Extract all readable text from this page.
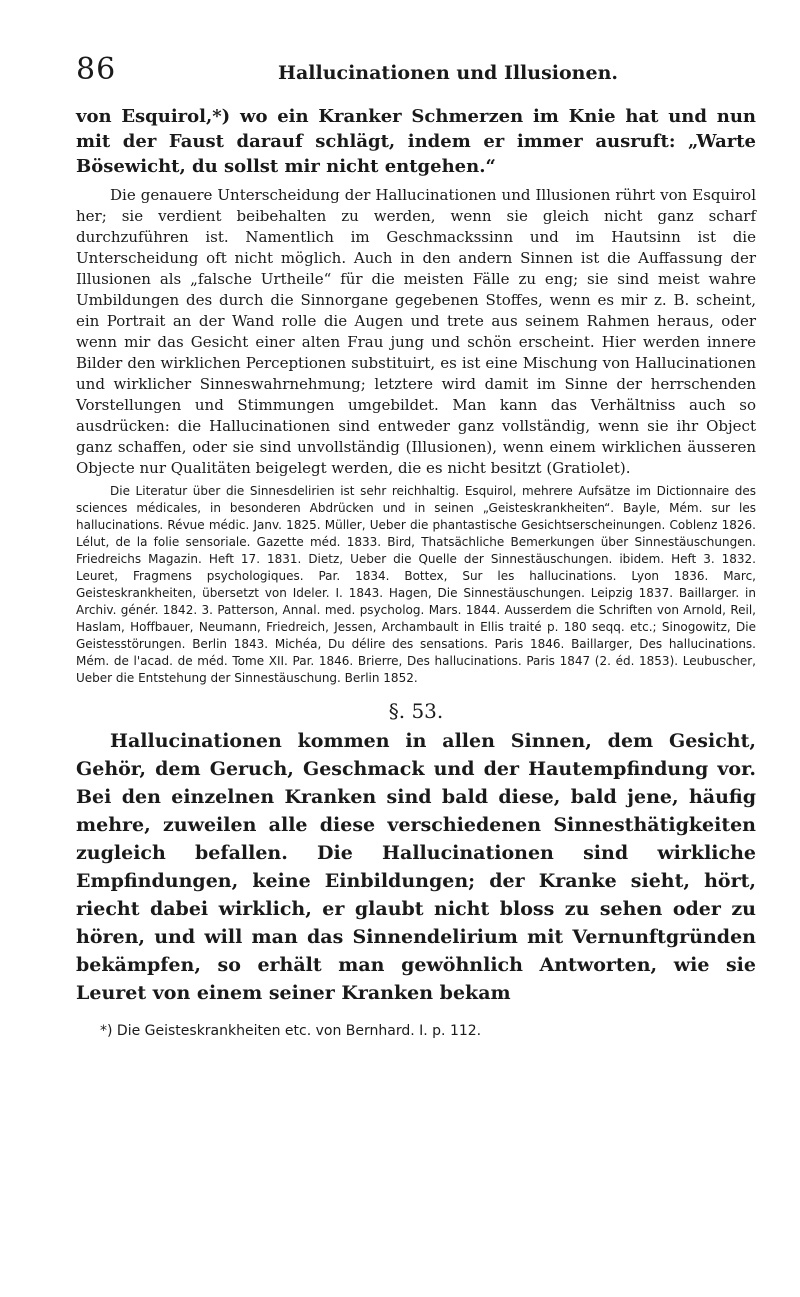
86	Hallucinationen und Illusionen.

von Esquirol,*) wo ein Kranker Schmerzen im Knie hat und nun mit der Faust darauf schlägt, indem er immer ausruft: „Warte Bösewicht, du sollst mir nicht entgehen.“

Die genauere Unterscheidung der Hallucinationen und Illusionen rührt von Esquirol her; sie verdient beibehalten zu werden, wenn sie gleich nicht ganz scharf durchzuführen ist. Namentlich im Geschmackssinn und im Hautsinn ist die Unterscheidung oft nicht möglich. Auch in den andern Sinnen ist die Auffassung der Illusionen als „falsche Urtheile“ für die meisten Fälle zu eng; sie sind meist wahre Umbildungen des durch die Sinnorgane gegebenen Stoffes, wenn es mir z. B. scheint, ein Portrait an der Wand rolle die Augen und trete aus seinem Rahmen heraus, oder wenn mir das Gesicht einer alten Frau jung und schön erscheint. Hier werden innere Bilder den wirklichen Perceptionen substituirt, es ist eine Mischung von Hallucinationen und wirklicher Sinneswahrnehmung; letztere wird damit im Sinne der herrschenden Vorstellungen und Stimmungen umgebildet. Man kann das Verhältniss auch so ausdrücken: die Hallucinationen sind entweder ganz vollständig, wenn sie ihr Object ganz schaffen, oder sie sind unvollständig (Illusionen), wenn einem wirklichen äusseren Objecte nur Qualitäten beigelegt werden, die es nicht besitzt (Gratiolet).

Die Literatur über die Sinnesdelirien ist sehr reichhaltig. Esquirol, mehrere Aufsätze im Dictionnaire des sciences médicales, in besonderen Abdrücken und in seinen „Geisteskrankheiten“. Bayle, Mém. sur les hallucinations. Révue médic. Janv. 1825. Müller, Ueber die phantastische Gesichtserscheinungen. Coblenz 1826. Lélut, de la folie sensoriale. Gazette méd. 1833. Bird, Thatsächliche Bemerkungen über Sinnestäuschungen. Friedreichs Magazin. Heft 17. 1831. Dietz, Ueber die Quelle der Sinnestäuschungen. ibidem. Heft 3. 1832. Leuret, Fragmens psychologiques. Par. 1834. Bottex, Sur les hallucinations. Lyon 1836. Marc, Geisteskrankheiten, übersetzt von Ideler. I. 1843. Hagen, Die Sinnestäuschungen. Leipzig 1837. Baillarger. in Archiv. génér. 1842. 3. Patterson, Annal. med. psycholog. Mars. 1844. Ausserdem die Schriften von Arnold, Reil, Haslam, Hoffbauer, Neumann, Friedreich, Jessen, Archambault in Ellis traité p. 180 seqq. etc.; Sinogowitz, Die Geistesstörungen. Berlin 1843. Michéa, Du délire des sensations. Paris 1846. Baillarger, Des hallucinations. Mém. de l'acad. de méd. Tome XII. Par. 1846. Brierre, Des hallucinations. Paris 1847 (2. éd. 1853). Leubuscher, Ueber die Entstehung der Sinnestäuschung. Berlin 1852.

§. 53.

Hallucinationen kommen in allen Sinnen, dem Gesicht, Gehör, dem Geruch, Geschmack und der Hautempfindung vor. Bei den einzelnen Kranken sind bald diese, bald jene, häufig mehre, zuweilen alle diese verschiedenen Sinnesthätigkeiten zugleich befallen. Die Hallucinationen sind wirkliche Empfindungen, keine Einbildungen; der Kranke sieht, hört, riecht dabei wirklich, er glaubt nicht bloss zu sehen oder zu hören, und will man das Sinnendelirium mit Vernunftgründen bekämpfen, so erhält man gewöhnlich Antworten, wie sie Leuret von einem seiner Kranken bekam

*) Die Geisteskrankheiten etc. von Bernhard. I. p. 112.
